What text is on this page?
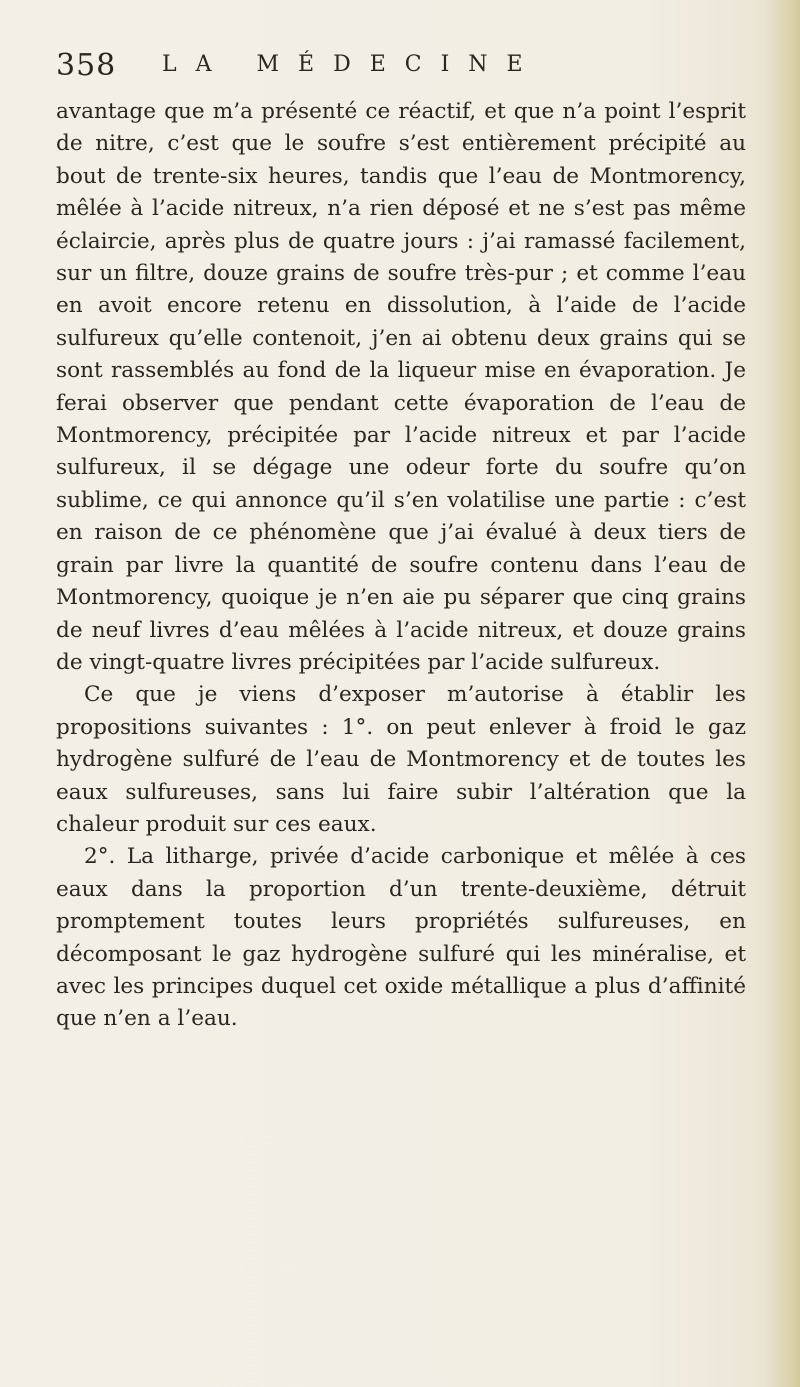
358 LA MÉDECINE

avantage que m’a présenté ce réactif, et que n’a point l’esprit de nitre, c’est que le soufre s’est entièrement précipité au bout de trente-six heures, tandis que l’eau de Montmorency, mêlée à l’acide nitreux, n’a rien déposé et ne s’est pas même éclaircie, après plus de quatre jours : j’ai ramassé facilement, sur un filtre, douze grains de soufre très-pur ; et comme l’eau en avoit encore retenu en dissolution, à l’aide de l’acide sulfureux qu’elle contenoit, j’en ai obtenu deux grains qui se sont rassemblés au fond de la liqueur mise en évaporation. Je ferai observer que pendant cette évaporation de l’eau de Montmorency, précipitée par l’acide nitreux et par l’acide sulfureux, il se dégage une odeur forte du soufre qu’on sublime, ce qui annonce qu’il s’en volatilise une partie : c’est en raison de ce phénomène que j’ai évalué à deux tiers de grain par livre la quantité de soufre contenu dans l’eau de Montmorency, quoique je n’en aie pu séparer que cinq grains de neuf livres d’eau mêlées à l’acide nitreux, et douze grains de vingt-quatre livres précipitées par l’acide sulfureux.

Ce que je viens d’exposer m’autorise à établir les propositions suivantes : 1°. on peut enlever à froid le gaz hydrogène sulfuré de l’eau de Montmorency et de toutes les eaux sulfureuses, sans lui faire subir l’altération que la chaleur produit sur ces eaux.

2°. La litharge, privée d’acide carbonique et mêlée à ces eaux dans la proportion d’un trente-deuxième, détruit promptement toutes leurs propriétés sulfureuses, en décomposant le gaz hydrogène sulfuré qui les minéralise, et avec les principes duquel cet oxide métallique a plus d’affinité que n’en a l’eau.
